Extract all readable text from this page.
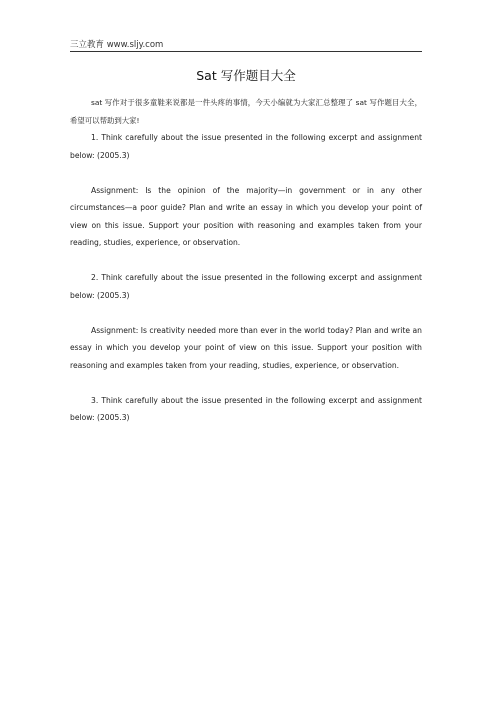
三立教育 www.sljy.com
Sat 写作题目大全

sat 写作对于很多童鞋来说都是一件头疼的事情，今天小编就为大家汇总整理了 sat 写作题目大全，希望可以帮助到大家!

1. Think carefully about the issue presented in the following excerpt and assignment below: (2005.3)

Assignment: Is the opinion of the majority—in government or in any other circumstances—a poor guide? Plan and write an essay in which you develop your point of view on this issue. Support your position with reasoning and examples taken from your reading, studies, experience, or observation.

2. Think carefully about the issue presented in the following excerpt and assignment below: (2005.3)

Assignment: Is creativity needed more than ever in the world today? Plan and write an essay in which you develop your point of view on this issue. Support your position with reasoning and examples taken from your reading, studies, experience, or observation.

3. Think carefully about the issue presented in the following excerpt and assignment below: (2005.3)
